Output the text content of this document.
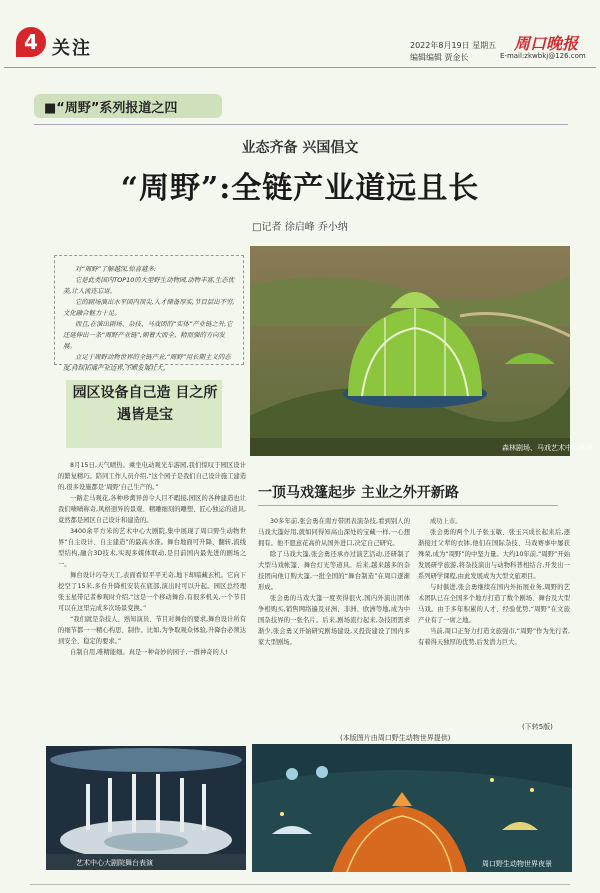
4 关注	2022年8月19日 星期五
编辑编辑 贾金长
周口晚报
E-mail:zkwbkj@126.com
■“周野”系列报道之四
业态齐备 兴国倡文
“周野”:全链产业道远且长
□记者 徐启峰 乔小纳

对“周野”了解越深,惊喜越多:

它是此类国内TOP10的大型野生动物园,动物丰富,生态优美,让人流连忘返。

它的剧场演出水平国内顶尖,人才储备厚实,节目层出不穷,文化融合魅力十足。

而且,在演出剧场、杂技、马戏团的“实体”产业链之外,它还延伸出一条“周野产业链”,朝着大而全、精而强的方向发展。

立足于周野动物世界的全链产业,“周野”用长期主义的态度,持续拓展产业边界,不断发展壮大。

园区设备自己造 目之所遇皆是宝

8月15日,天气晴热。乘坐电动观光车游园,我们惊叹于园区设计的繁复精巧。陪同工作人员介绍,“这个园子是我们自己设计施工建造的,很多设施都是‘周野’自己生产的。”

一路走马观花,各种珍禽异兽令人目不暇接,园区的各种建造也让我们啧啧称奇,风格迥异的景观、精雕细刻的雕塑、匠心独运的道具,竟然都是园区自己设计和建造的。

3400余平方米的艺术中心大剧院,集中展现了周口野生动物世界“自主设计、自主建造”的最高水准。舞台地面可升降、翻转,流线型结构,融合3D技术,实现多媒体联动,是目前国内最先进的剧场之一。

舞台设计巧夺天工,表面看似平平无奇,地下却暗藏玄机。它向下挖空了15米,多台升降机安装在底部,演出时可以升起。园区总经理张玉星带记者参观时介绍,“这是一个移动舞台,有很多机关,一个节目可以在这里完成多次场景变换。”

“我们就是杂技人、熟知演员、节目对舞台的要求,舞台设计所有的细节都一一精心构思、制作。比如,为争取观众体验,升降台必须达到安全、稳定的要求。”

自制自用,唯精能细。真是一种奇妙的园子,一群神奇的人!

森林剧场、马戏艺术中心夜景
一顶马戏篷起步 主业之外开新路

30多年前,张会勇在南方带团表演杂技,看到别人的马戏大篷好用,就如同得知高山深处的宝藏一样,一心想拥有。他不愿意花高价从国外进口,决定自己研究。

除了马戏大篷,张会勇还承办过演艺活动,还研制了大型马戏帐篷、舞台灯光等道具。后来,越来越多的杂技团向他订购大篷,一批全国的“舞台制造”在周口逐渐形成。

张会勇的马戏大篷一度卖得很火,国内外演出团体争相购买,销售网络遍及亚洲、非洲、欧洲等地,成为中国杂技界的一张名片。后来,剧场流行起来,杂技团需求渐少,张会勇又开始研究剧场建设,又投资建设了国内多家大型剧场。

成功上市。

张会勇的两个儿子张玉敏、张玉兴成长起来后,逐渐接过父辈的衣钵,他们在国际杂技、马戏赛事中屡获殊荣,成为“周野”的中坚力量。大约10年前,“周野”开始发展研学旅游,将杂技演出与动物科普相结合,开发出一系列研学课程,由此发展成为大型文旅项目。

与时俱进,张会勇继续在国内外拓展业务,周野的艺术团队已在全国多个地方打造了数个剧场、舞台及大型马戏。由于多年积累的人才、经验优势,“周野”在文旅产业有了一席之地。

当前,周口正努力打造文旅强市,“周野”作为先行者,有着得天独厚的优势,后发潜力巨大。

(下转5版)
(本版图片由周口野生动物世界提供)
艺术中心大剧院舞台表演	周口野生动物世界夜景
